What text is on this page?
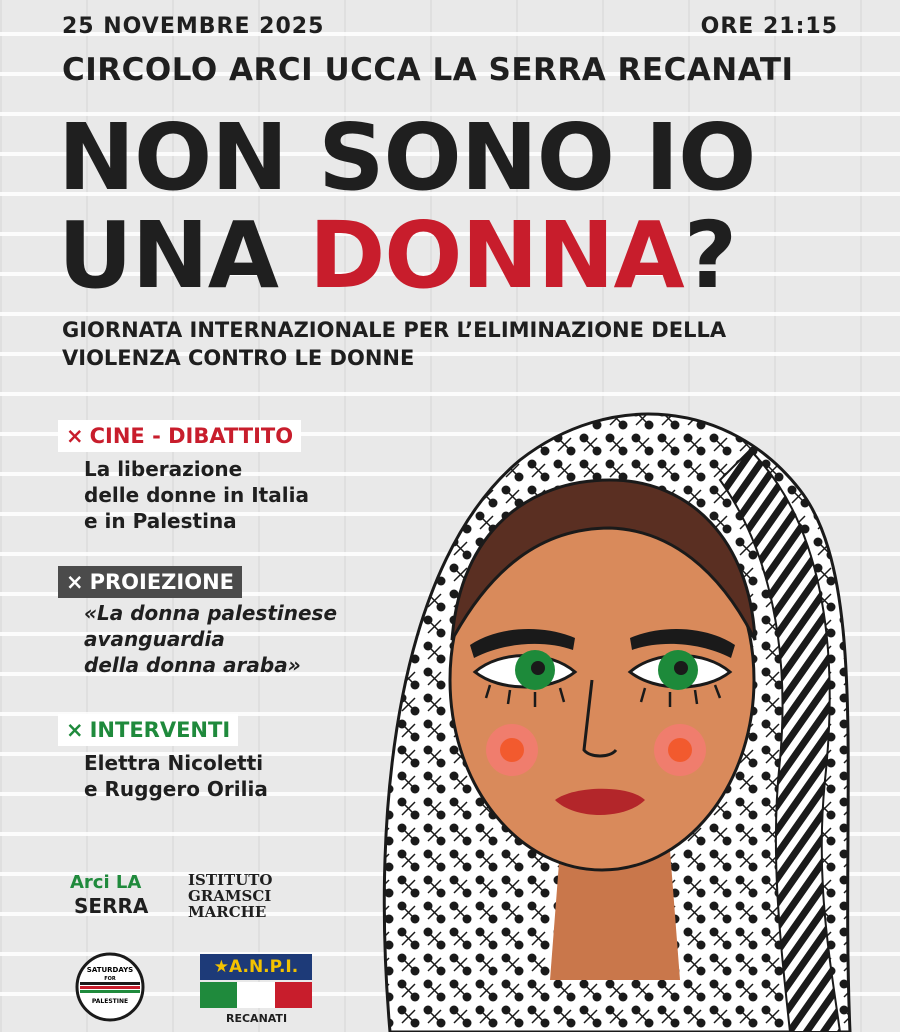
25 NOVEMBRE 2025	ORE 21:15
CIRCOLO ARCI UCCA LA SERRA RECANATI
NON SONO IO
UNA DONNA?
GIORNATA INTERNAZIONALE PER L’ELIMINAZIONE DELLA
VIOLENZA CONTRO LE DONNE
× CINE - DIBATTITO
La liberazione
delle donne in Italia
e in Palestina
× PROIEZIONE
«La donna palestinese
avanguardia
della donna araba»
× INTERVENTI
Elettra Nicoletti
e Ruggero Orilia
Arci LA
SERRA
ISTITUTO
GRAMSCI
MARCHE
SATURDAYS
FOR
PALESTINE
★A.N.P.I.
RECANATI
